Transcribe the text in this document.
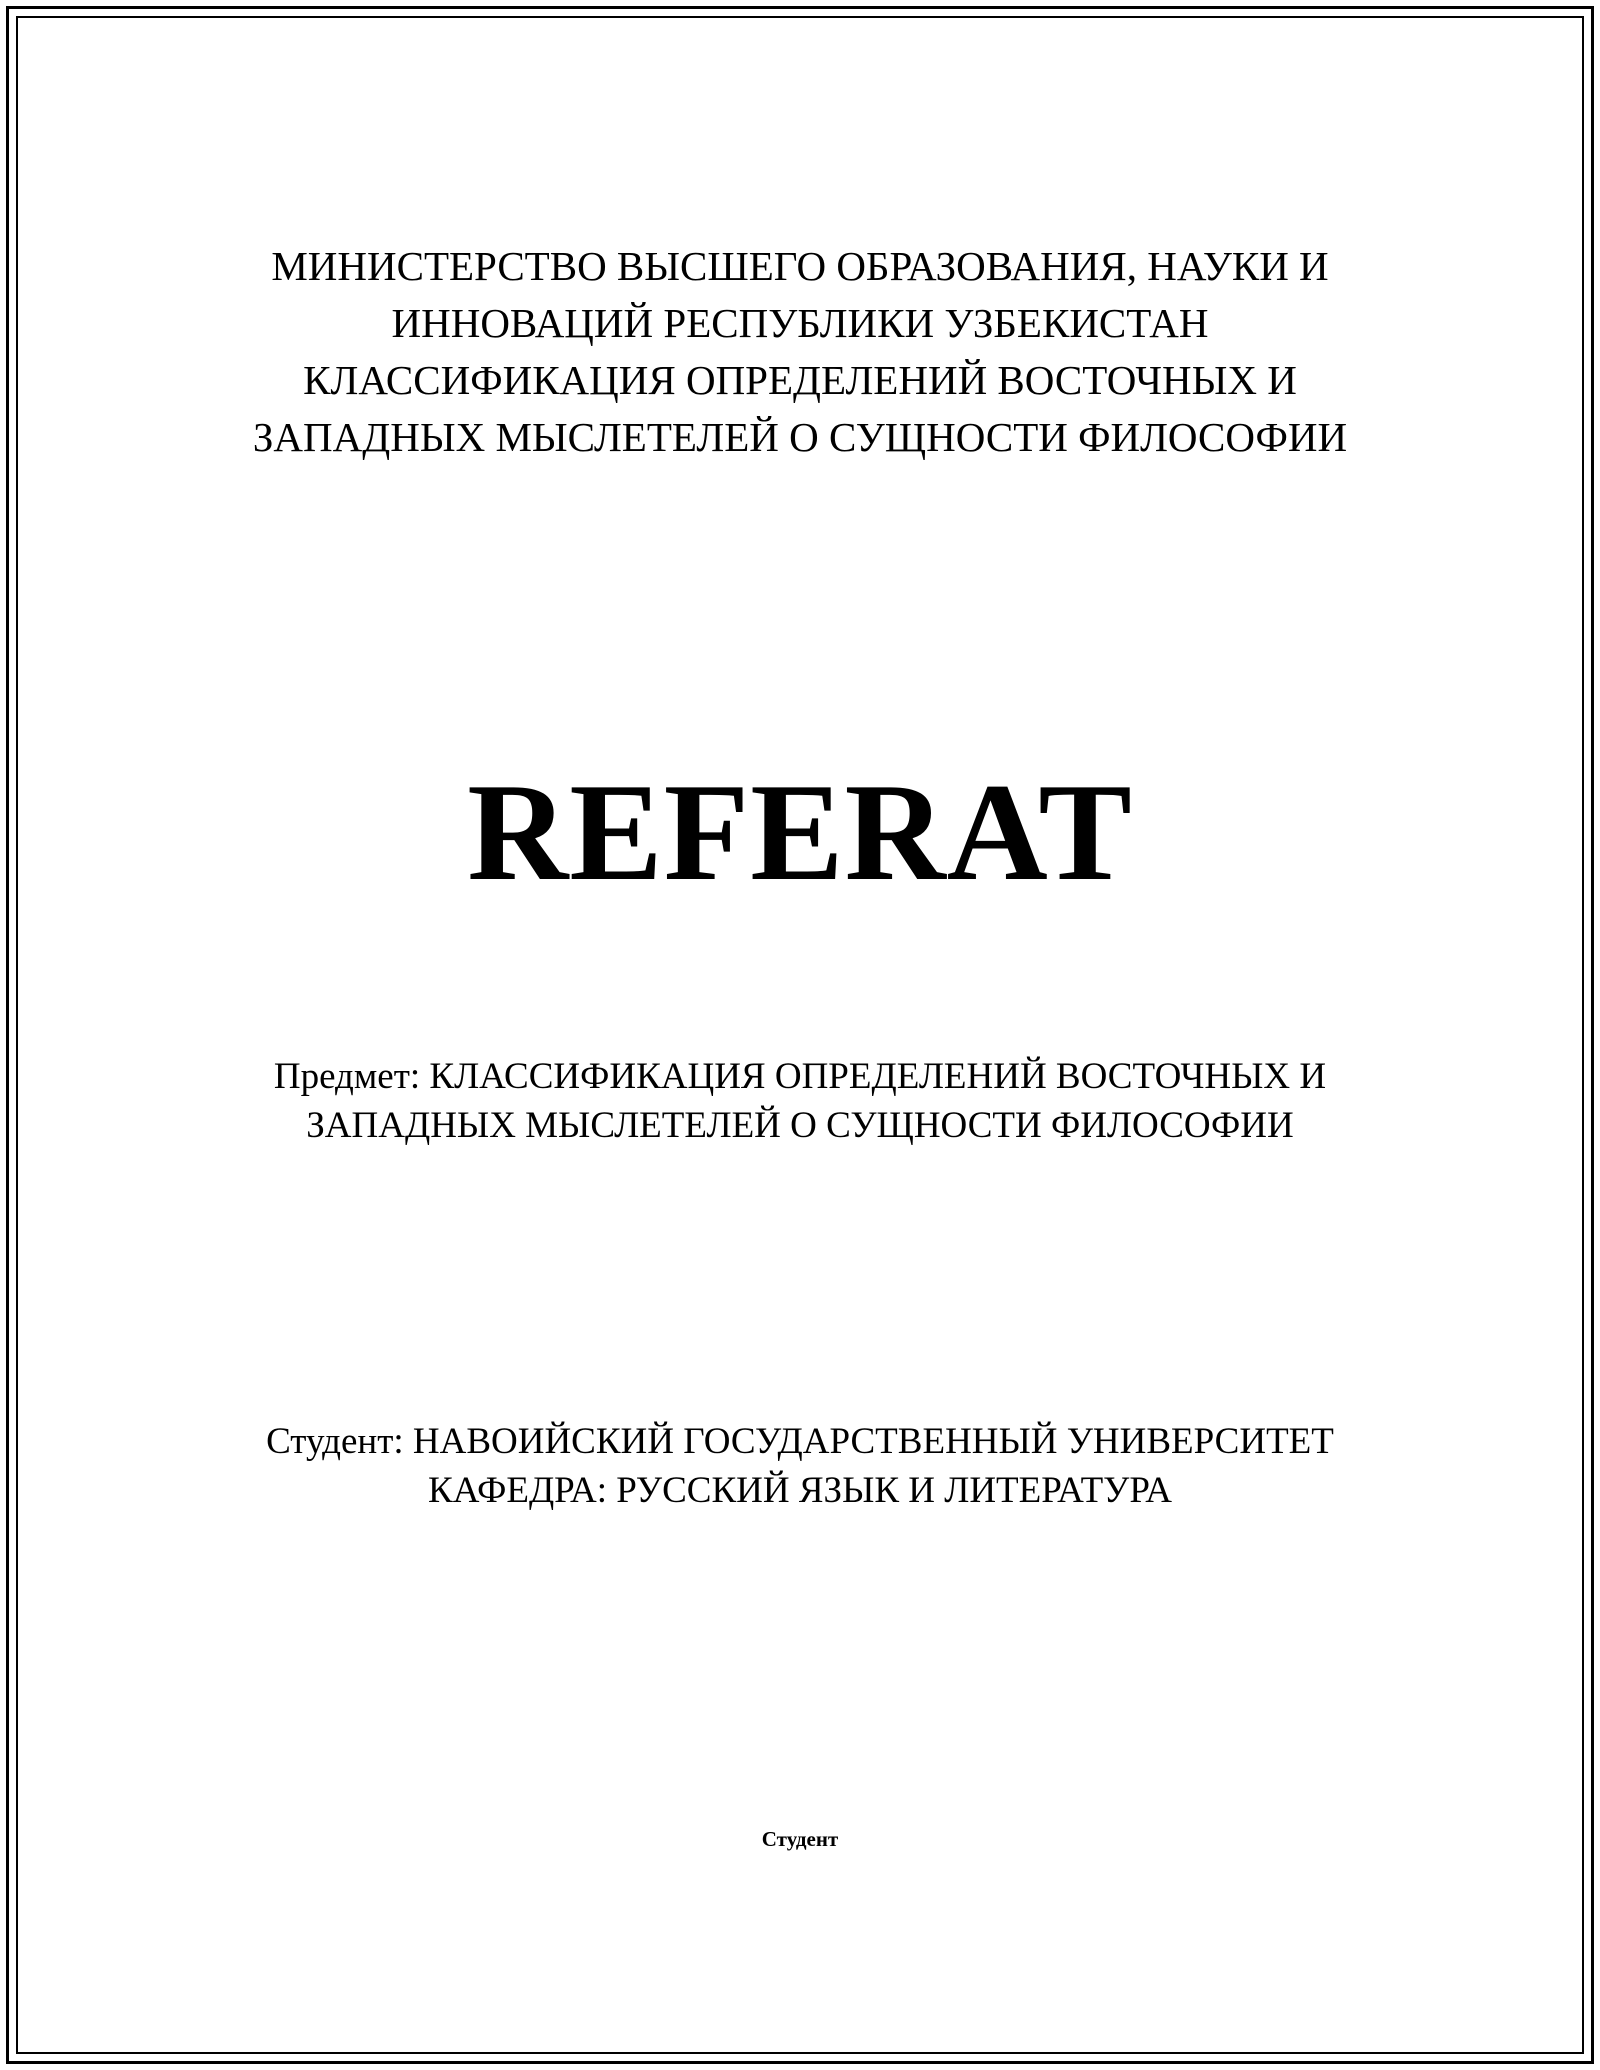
МИНИСТЕРСТВО ВЫСШЕГО ОБРАЗОВАНИЯ, НАУКИ И
ИННОВАЦИЙ РЕСПУБЛИКИ УЗБЕКИСТАН
КЛАССИФИКАЦИЯ ОПРЕДЕЛЕНИЙ ВОСТОЧНЫХ И
ЗАПАДНЫХ МЫСЛЕТЕЛЕЙ О СУЩНОСТИ ФИЛОСОФИИ
REFERAT
Предмет: КЛАССИФИКАЦИЯ ОПРЕДЕЛЕНИЙ ВОСТОЧНЫХ И
ЗАПАДНЫХ МЫСЛЕТЕЛЕЙ О СУЩНОСТИ ФИЛОСОФИИ
Студент: НАВОИЙСКИЙ ГОСУДАРСТВЕННЫЙ УНИВЕРСИТЕТ
КАФЕДРА: РУССКИЙ ЯЗЫК И ЛИТЕРАТУРА
Студент
